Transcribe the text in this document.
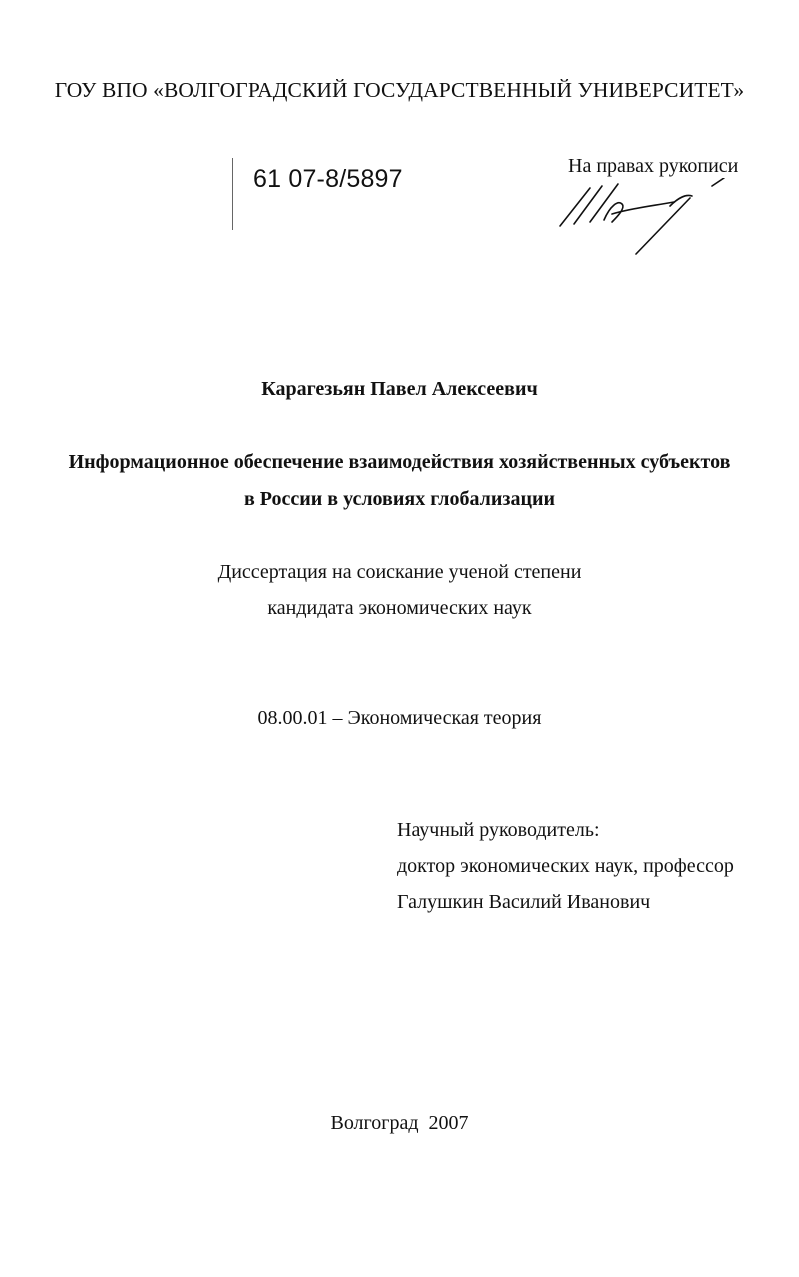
ГОУ ВПО «ВОЛГОГРАДСКИЙ ГОСУДАРСТВЕННЫЙ УНИВЕРСИТЕТ»
61 07-8/5897	На правах рукописи
Карагезьян Павел Алексеевич
Информационное обеспечение взаимодействия хозяйственных субъектов
в России в условиях глобализации
Диссертация на соискание ученой степени
кандидата экономических наук
08.00.01 – Экономическая теория
Научный руководитель:
доктор экономических наук, профессор
Галушкин Василий Иванович
Волгоград  2007
